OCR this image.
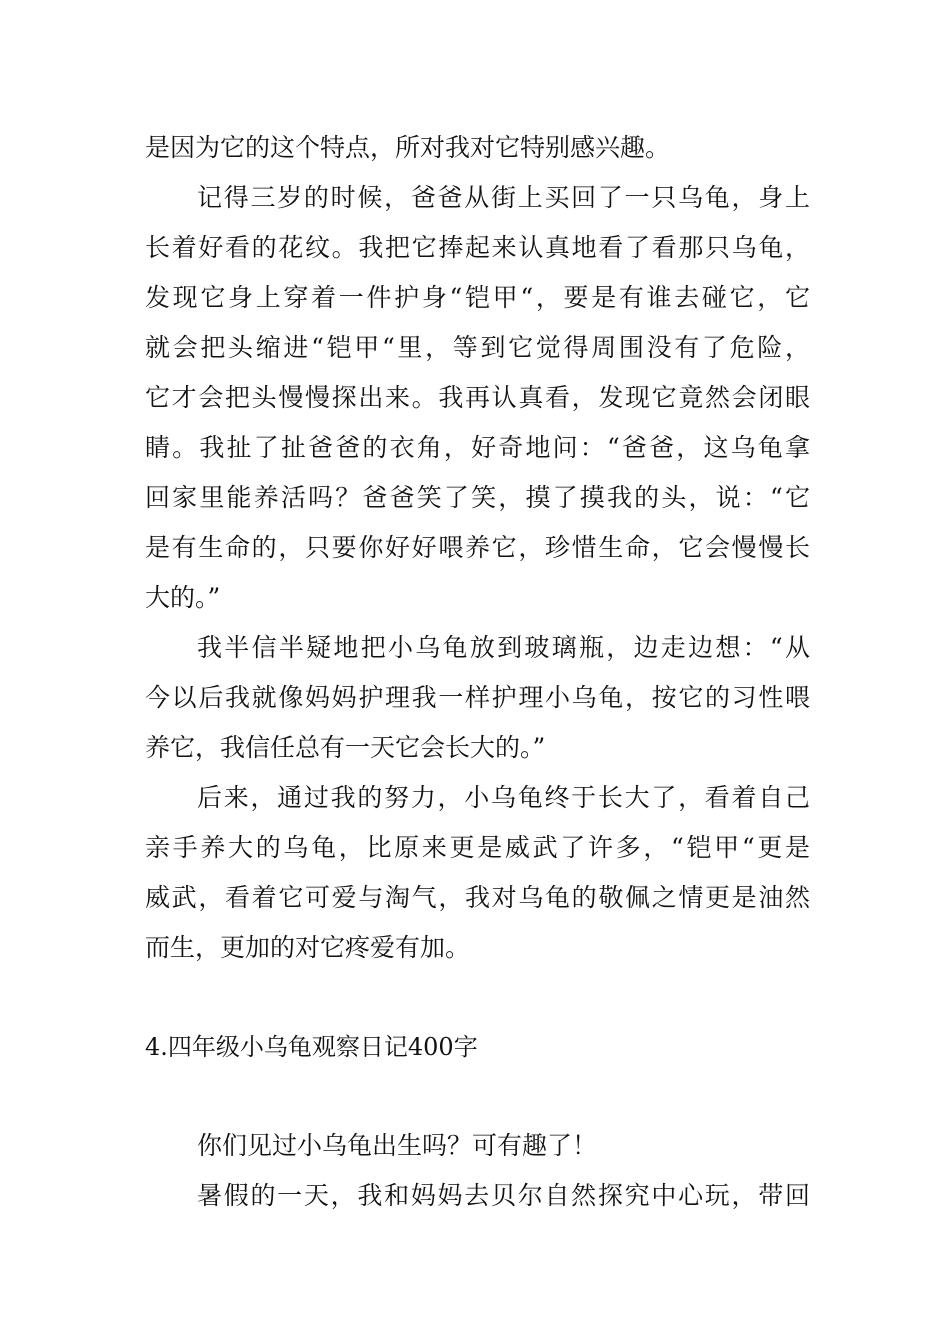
是因为它的这个特点，所对我对它特别感兴趣。
记得三岁的时候，爸爸从街上买回了一只乌龟，身上
长着好看的花纹。我把它捧起来认真地看了看那只乌龟，
发现它身上穿着一件护身“铠甲“，要是有谁去碰它，它
就会把头缩进“铠甲“里，等到它觉得周围没有了危险，
它才会把头慢慢探出来。我再认真看，发现它竟然会闭眼
睛。我扯了扯爸爸的衣角，好奇地问：“爸爸，这乌龟拿
回家里能养活吗？爸爸笑了笑，摸了摸我的头，说：“它
是有生命的，只要你好好喂养它，珍惜生命，它会慢慢长
大的。”
我半信半疑地把小乌龟放到玻璃瓶，边走边想：“从
今以后我就像妈妈护理我一样护理小乌龟，按它的习性喂
养它，我信任总有一天它会长大的。”
后来，通过我的努力，小乌龟终于长大了，看着自己
亲手养大的乌龟，比原来更是威武了许多，“铠甲“更是
威武，看着它可爱与淘气，我对乌龟的敬佩之情更是油然
而生，更加的对它疼爱有加。
4.四年级小乌龟观察日记400字
你们见过小乌龟出生吗？可有趣了！
暑假的一天，我和妈妈去贝尔自然探究中心玩，带回
